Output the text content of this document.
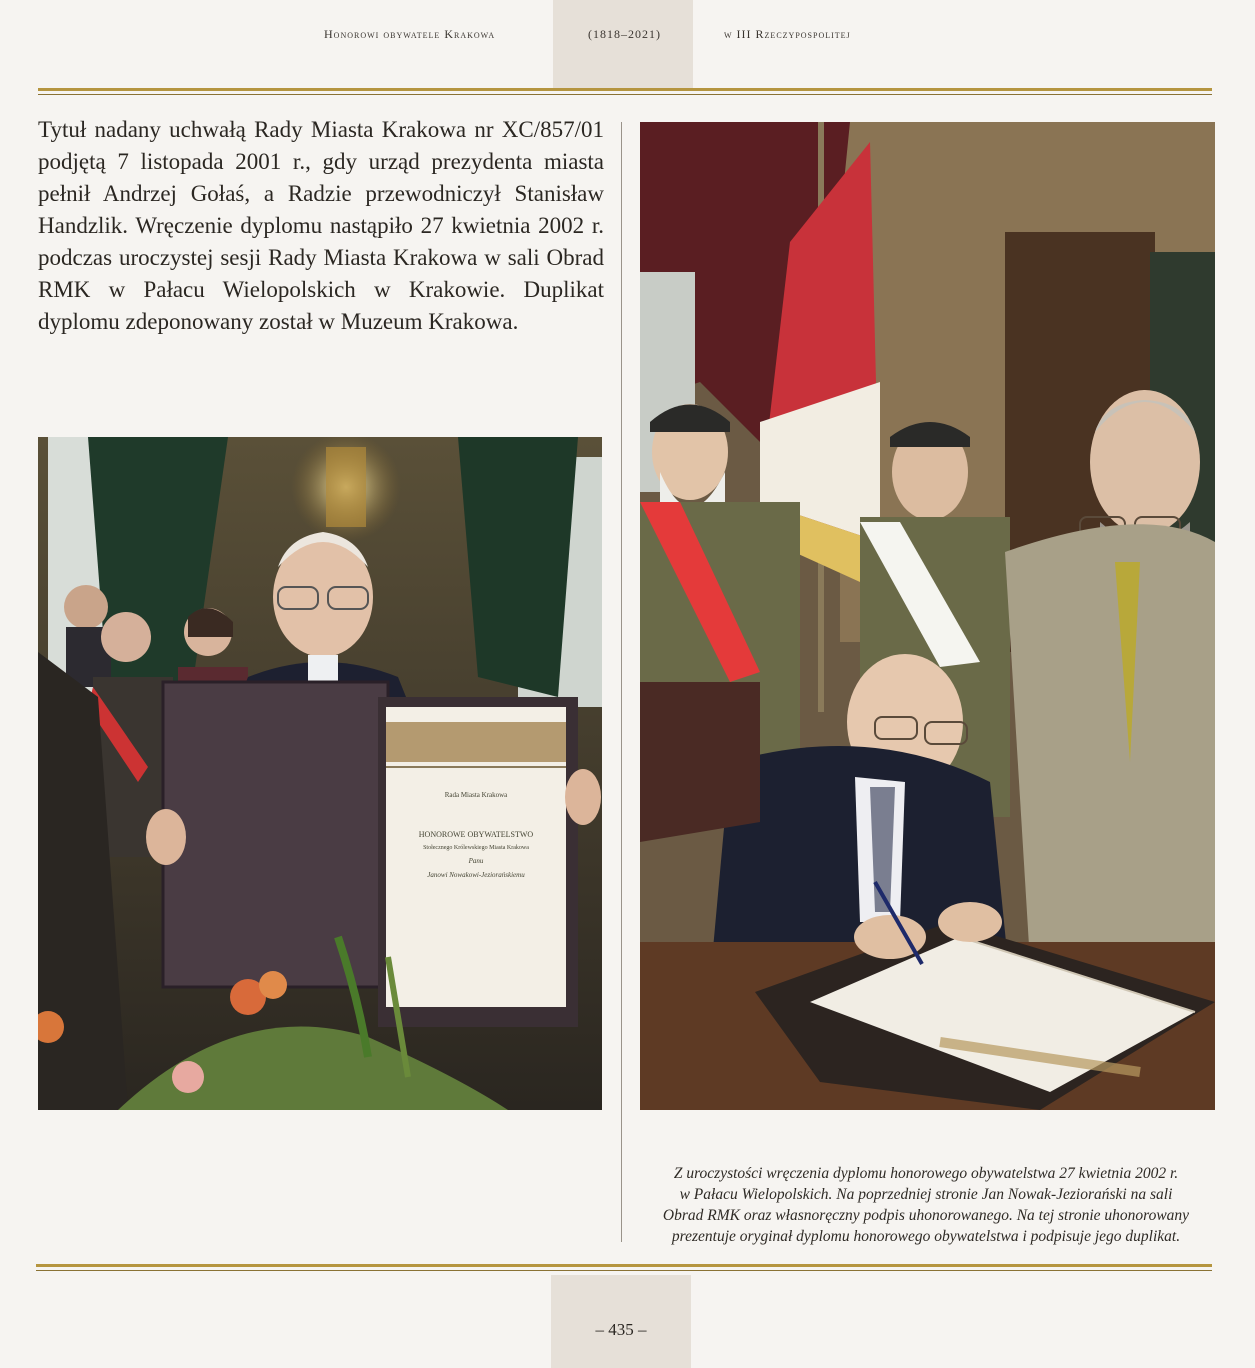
Honorowi obywatele Krakowa	(1818–2021)	w III Rzeczypospolitej

Tytuł nadany uchwałą Rady Miasta Krakowa nr XC/857/01 podjętą 7 listopada 2001 r., gdy urząd prezydenta miasta pełnił Andrzej Gołaś, a Radzie przewodniczył Stanisław Handzlik. Wręczenie dyplomu nastąpiło 27 kwietnia 2002 r. podczas uroczystej sesji Rady Miasta Krakowa w sali Obrad RMK w Pałacu Wielopolskich w Krakowie. Duplikat dyplomu zdeponowany został w Muzeum Krakowa.

Rada Miasta Krakowa
HONOROWE OBYWATELSTWO
Stołecznego Królewskiego Miasta Krakowa
Panu
Janowi Nowakowi-Jeziorańskiemu
Z uroczystości wręczenia dyplomu honorowego obywatelstwa 27 kwietnia 2002 r.
w Pałacu Wielopolskich. Na poprzedniej stronie Jan Nowak-Jeziorański na sali
Obrad RMK oraz własnoręczny podpis uhonorowanego. Na tej stronie uhonorowany
prezentuje oryginał dyplomu honorowego obywatelstwa i podpisuje jego duplikat.
– 435 –
